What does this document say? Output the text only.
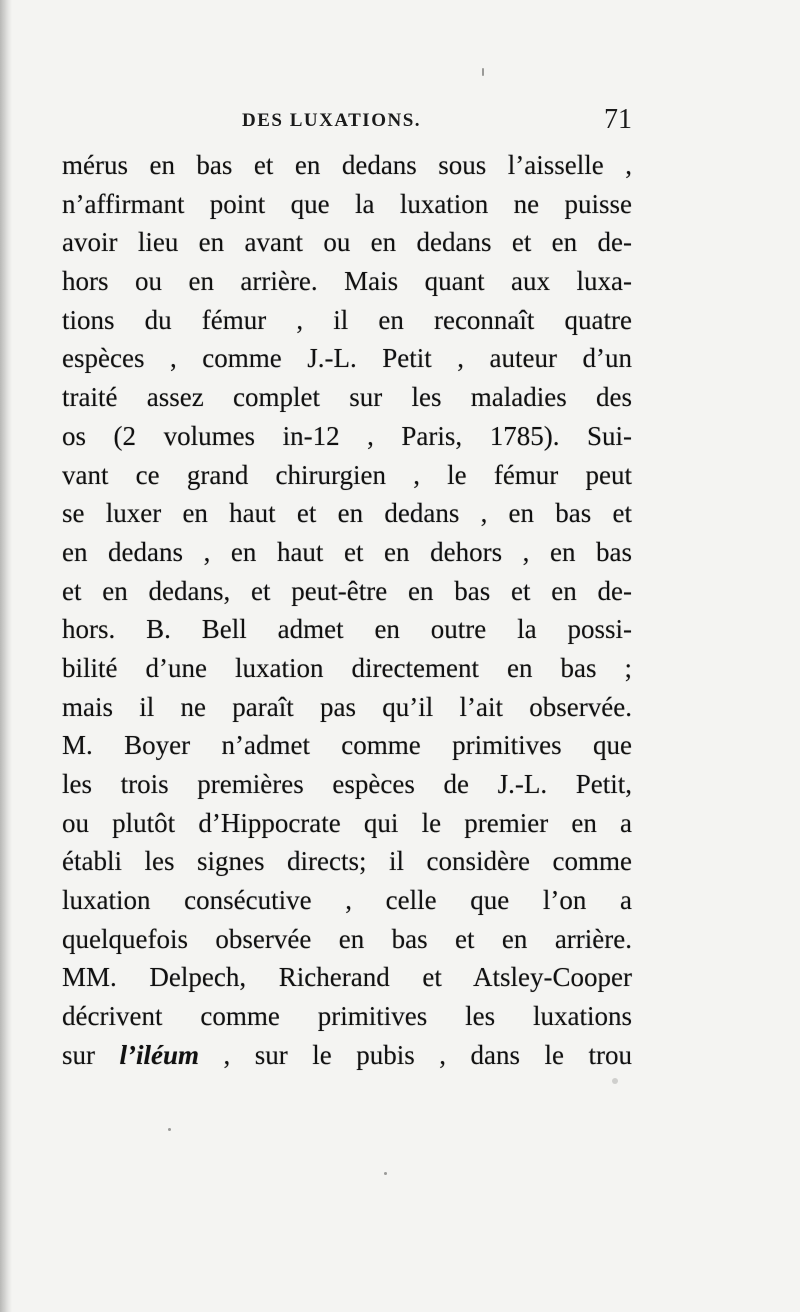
DES LUXATIONS.	71
mérus en bas et en dedans sous l’aisselle ,
n’affirmant point que la luxation ne puisse
avoir lieu en avant ou en dedans et en de-
hors ou en arrière. Mais quant aux luxa-
tions du fémur , il en reconnaît quatre
espèces , comme J.-L. Petit , auteur d’un
traité assez complet sur les maladies des
os (2 volumes in-12 , Paris, 1785). Sui-
vant ce grand chirurgien , le fémur peut
se luxer en haut et en dedans , en bas et
en dedans , en haut et en dehors , en bas
et en dedans, et peut-être en bas et en de-
hors. B. Bell admet en outre la possi-
bilité d’une luxation directement en bas ;
mais il ne paraît pas qu’il l’ait observée.
M. Boyer n’admet comme primitives que
les trois premières espèces de J.-L. Petit,
ou plutôt d’Hippocrate qui le premier en a
établi les signes directs; il considère comme
luxation consécutive , celle que l’on a
quelquefois observée en bas et en arrière.
MM. Delpech, Richerand et Atsley-Cooper
décrivent comme primitives les luxations
sur l’iléum , sur le pubis , dans le trou
